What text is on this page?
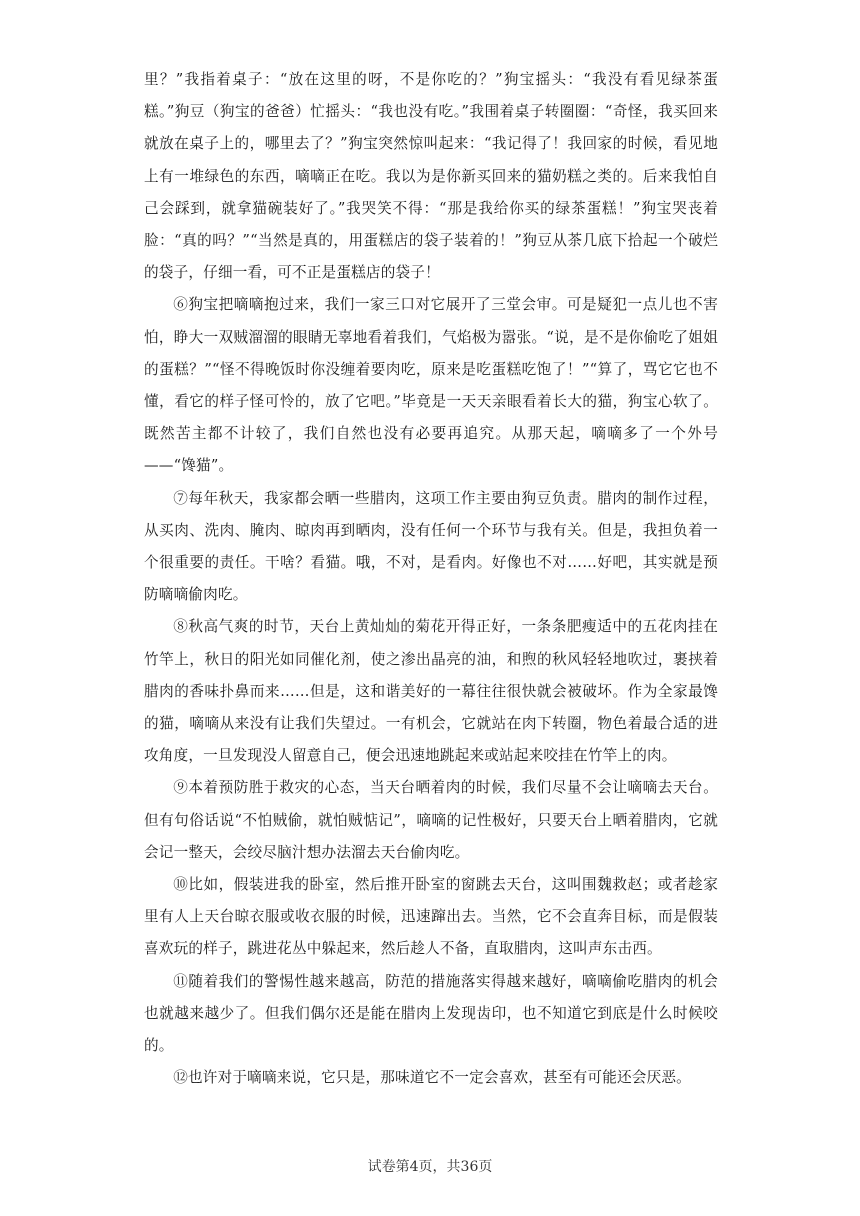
里？”我指着桌子：“放在这里的呀，不是你吃的？”狗宝摇头：“我没有看见绿茶蛋糕。”狗豆（狗宝的爸爸）忙摇头：“我也没有吃。”我围着桌子转圈圈：“奇怪，我买回来就放在桌子上的，哪里去了？”狗宝突然惊叫起来：“我记得了！我回家的时候，看见地上有一堆绿色的东西，嘀嘀正在吃。我以为是你新买回来的猫奶糕之类的。后来我怕自己会踩到，就拿猫碗装好了。”我哭笑不得：“那是我给你买的绿茶蛋糕！”狗宝哭丧着脸：“真的吗？”“当然是真的，用蛋糕店的袋子装着的！”狗豆从茶几底下拾起一个破烂的袋子，仔细一看，可不正是蛋糕店的袋子！

⑥狗宝把嘀嘀抱过来，我们一家三口对它展开了三堂会审。可是疑犯一点儿也不害怕，睁大一双贼溜溜的眼睛无辜地看着我们，气焰极为嚣张。“说，是不是你偷吃了姐姐的蛋糕？”“怪不得晚饭时你没缠着要肉吃，原来是吃蛋糕吃饱了！”“算了，骂它它也不懂，看它的样子怪可怜的，放了它吧。”毕竟是一天天亲眼看着长大的猫，狗宝心软了。既然苦主都不计较了，我们自然也没有必要再追究。从那天起，嘀嘀多了一个外号——“馋猫”。

⑦每年秋天，我家都会晒一些腊肉，这项工作主要由狗豆负责。腊肉的制作过程，从买肉、洗肉、腌肉、晾肉再到晒肉，没有任何一个环节与我有关。但是，我担负着一个很重要的责任。干啥？看猫。哦，不对，是看肉。好像也不对……好吧，其实就是预防嘀嘀偷肉吃。

⑧秋高气爽的时节，天台上黄灿灿的菊花开得正好，一条条肥瘦适中的五花肉挂在竹竿上，秋日的阳光如同催化剂，使之渗出晶亮的油，和煦的秋风轻轻地吹过，裹挟着腊肉的香味扑鼻而来……但是，这和谐美好的一幕往往很快就会被破坏。作为全家最馋的猫，嘀嘀从来没有让我们失望过。一有机会，它就站在肉下转圈，物色着最合适的进攻角度，一旦发现没人留意自己，便会迅速地跳起来或站起来咬挂在竹竿上的肉。

⑨本着预防胜于救灾的心态，当天台晒着肉的时候，我们尽量不会让嘀嘀去天台。但有句俗话说“不怕贼偷，就怕贼惦记”，嘀嘀的记性极好，只要天台上晒着腊肉，它就会记一整天，会绞尽脑汁想办法溜去天台偷肉吃。

⑩比如，假装进我的卧室，然后推开卧室的窗跳去天台，这叫围魏救赵；或者趁家里有人上天台晾衣服或收衣服的时候，迅速蹿出去。当然，它不会直奔目标，而是假装喜欢玩的样子，跳进花丛中躲起来，然后趁人不备，直取腊肉，这叫声东击西。

⑪随着我们的警惕性越来越高，防范的措施落实得越来越好，嘀嘀偷吃腊肉的机会也就越来越少了。但我们偶尔还是能在腊肉上发现齿印，也不知道它到底是什么时候咬的。

⑫也许对于嘀嘀来说，它只是，那味道它不一定会喜欢，甚至有可能还会厌恶。

试卷第4页，共36页
